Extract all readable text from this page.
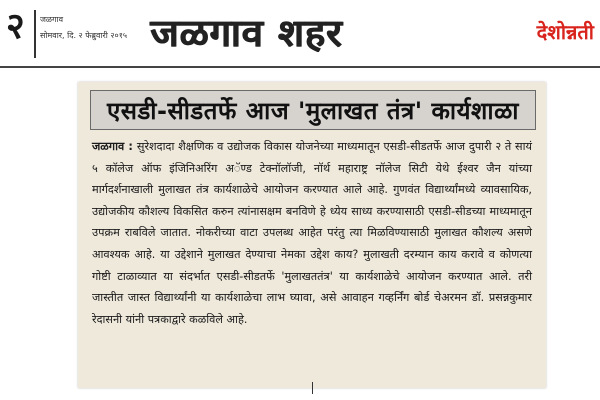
२ जळगाव
सोमवार, दि. २ फेब्रुवारी २०१५ जळगाव शहर	देशोन्नती
एसडी-सीडतर्फे आज 'मुलाखत तंत्र' कार्यशाळा
जळगाव : सुरेशदादा शैक्षणिक व उद्योजक विकास योजनेच्या माध्यमातून एसडी-सीडतर्फे आज दुपारी २ ते सायं ५ कॉलेज ऑफ इंजिनिअरिंग अॅण्ड टेक्नॉलॉजी, नॉर्थ महाराष्ट्र नॉलेज सिटी येथे ईश्वर जैन यांच्या मार्गदर्शनाखाली मुलाखत तंत्र कार्यशाळेचे आयोजन करण्यात आले आहे. गुणवंत विद्यार्थ्यांमध्ये व्यावसायिक, उद्योजकीय कौशल्य विकसित करुन त्यांनासक्षम बनविणे हे ध्येय साध्य करण्यासाठी एसडी-सीडच्या माध्यमातून उपक्रम राबविले जातात. नोकरीच्या वाटा उपलब्ध आहेत परंतु त्या मिळविण्यासाठी मुलाखत कौशल्य असणे आवश्यक आहे. या उद्देशाने मुलाखत देण्याचा नेमका उद्देश काय? मुलाखती दरम्यान काय करावे व कोणत्या गोष्टी टाळाव्यात या संदर्भात एसडी-सीडतर्फे 'मुलाखततंत्र' या कार्यशाळेचे आयोजन करण्यात आले. तरी जास्तीत जास्त विद्यार्थ्यांनी या कार्यशाळेचा लाभ घ्यावा, असे आवाहन गव्हर्निंग बोर्ड चेअरमन डॉ. प्रसन्नकुमार रेदासनी यांनी पत्रकाद्वारे कळविले आहे.
